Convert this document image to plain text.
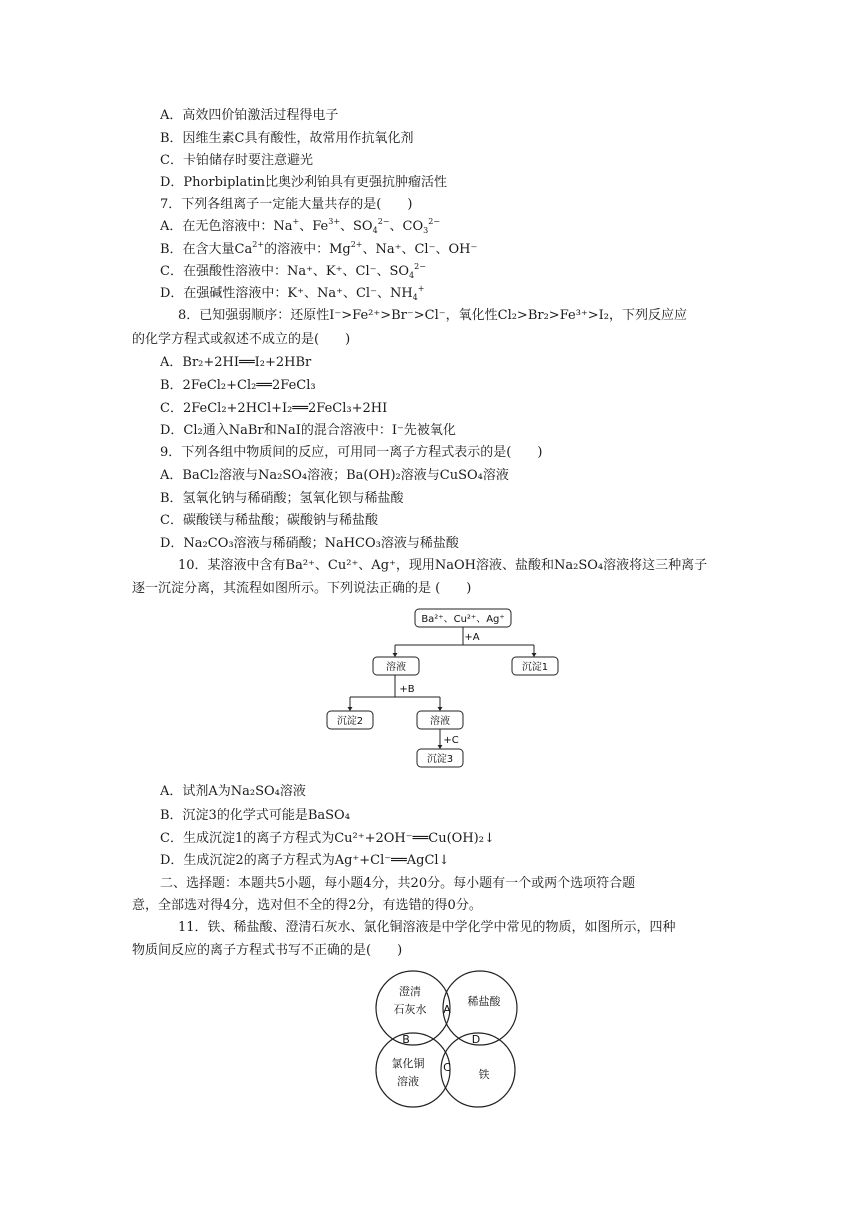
A．高效四价铂激活过程得电子
B．因维生素C具有酸性，故常用作抗氧化剂
C．卡铂储存时要注意避光
D．Phorbiplatin比奥沙利铂具有更强抗肿瘤活性
7．下列各组离子一定能大量共存的是(　　)
A．在无色溶液中：Na+、$Fe^{3+}$、$SO_4^{2-}$、$CO_3^{2-}$
B．在含大量$Ca^{2+}$的溶液中：$Mg^{2+}$、Na⁺、Cl⁻、OH⁻
C．在强酸性溶液中：Na⁺、K⁺、Cl⁻、$SO_4^{2-}$
D．在强碱性溶液中：K⁺、Na⁺、Cl⁻、$NH_4^+$
8．已知强弱顺序：还原性I⁻>Fe²⁺>Br⁻>Cl⁻，氧化性Cl₂>Br₂>Fe³⁺>I₂，下列反应应
的化学方程式或叙述不成立的是(　　)
A．Br₂+2HI══I₂+2HBr
B．2FeCl₂+Cl₂══2FeCl₃
C．2FeCl₂+2HCl+I₂══2FeCl₃+2HI
D．Cl₂通入NaBr和NaI的混合溶液中：I⁻先被氧化
9．下列各组中物质间的反应，可用同一离子方程式表示的是(　　)
A．BaCl₂溶液与Na₂SO₄溶液；Ba(OH)₂溶液与CuSO₄溶液
B．氢氧化钠与稀硝酸；氢氧化钡与稀盐酸
C．碳酸镁与稀盐酸；碳酸钠与稀盐酸
D．Na₂CO₃溶液与稀硝酸；NaHCO₃溶液与稀盐酸
10．某溶液中含有Ba²⁺、Cu²⁺、Ag⁺，现用NaOH溶液、盐酸和Na₂SO₄溶液将这三种离子
逐一沉淀分离，其流程如图所示。下列说法正确的是 (　　)
Ba²⁺、Cu²⁺、Ag⁺
+A
溶液	沉淀1
+B
沉淀2	溶液
+C
沉淀3
A．试剂A为Na₂SO₄溶液
B．沉淀3的化学式可能是BaSO₄
C．生成沉淀1的离子方程式为Cu²⁺+2OH⁻══Cu(OH)₂↓
D．生成沉淀2的离子方程式为Ag⁺+Cl⁻══AgCl↓
二、选择题：本题共5小题，每小题4分，共20分。每小题有一个或两个选项符合题
意，全部选对得4分，选对但不全的得2分，有选错的得0分。
11．铁、稀盐酸、澄清石灰水、氯化铜溶液是中学化学中常见的物质，如图所示，四种
物质间反应的离子方程式书写不正确的是(　　)
澄清
石灰水
稀盐酸
氯化铜
溶液
铁
A
B
C
D
